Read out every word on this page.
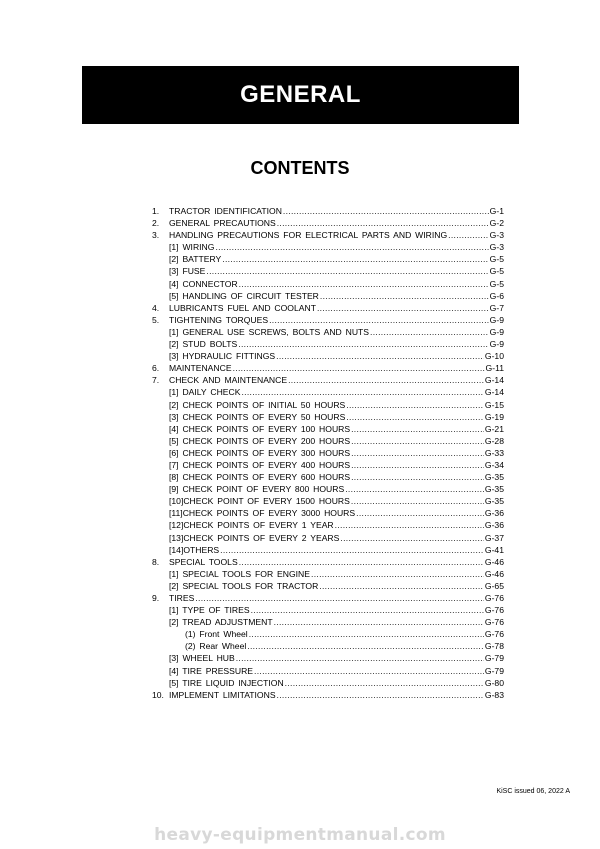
GENERAL
CONTENTS
1. TRACTOR IDENTIFICATION .....	G-1
2. GENERAL PRECAUTIONS .....	G-2
3. HANDLING PRECAUTIONS FOR ELECTRICAL PARTS AND WIRING .....	G-3
[1] WIRING .....	G-3
[2] BATTERY .....	G-5
[3] FUSE .....	G-5
[4] CONNECTOR .....	G-5
[5] HANDLING OF CIRCUIT TESTER .....	G-6
4. LUBRICANTS FUEL AND COOLANT .....	G-7
5. TIGHTENING TORQUES .....	G-9
[1] GENERAL USE SCREWS, BOLTS AND NUTS .....	G-9
[2] STUD BOLTS .....	G-9
[3] HYDRAULIC FITTINGS .....	G-10
6. MAINTENANCE .....	G-11
7. CHECK AND MAINTENANCE .....	G-14
[1] DAILY CHECK .....	G-14
[2] CHECK POINTS OF INITIAL 50 HOURS .....	G-15
[3] CHECK POINTS OF EVERY 50 HOURS .....	G-19
[4] CHECK POINTS OF EVERY 100 HOURS .....	G-21
[5] CHECK POINTS OF EVERY 200 HOURS .....	G-28
[6] CHECK POINTS OF EVERY 300 HOURS .....	G-33
[7] CHECK POINTS OF EVERY 400 HOURS .....	G-34
[8] CHECK POINTS OF EVERY 600 HOURS .....	G-35
[9] CHECK POINT OF EVERY 800 HOURS .....	G-35
[10]CHECK POINT OF EVERY 1500 HOURS .....	G-35
[11]CHECK POINTS OF EVERY 3000 HOURS .....	G-36
[12]CHECK POINTS OF EVERY 1 YEAR .....	G-36
[13]CHECK POINTS OF EVERY 2 YEARS .....	G-37
[14]OTHERS .....	G-41
8. SPECIAL TOOLS .....	G-46
[1] SPECIAL TOOLS FOR ENGINE .....	G-46
[2] SPECIAL TOOLS FOR TRACTOR .....	G-65
9. TIRES .....	G-76
[1] TYPE OF TIRES .....	G-76
[2] TREAD ADJUSTMENT .....	G-76
(1) Front Wheel .....	G-76
(2) Rear Wheel .....	G-78
[3] WHEEL HUB .....	G-79
[4] TIRE PRESSURE .....	G-79
[5] TIRE LIQUID INJECTION .....	G-80
10. IMPLEMENT LIMITATIONS .....	G-83
KiSC issued 06, 2022 A
heavy-equipmentmanual.com
